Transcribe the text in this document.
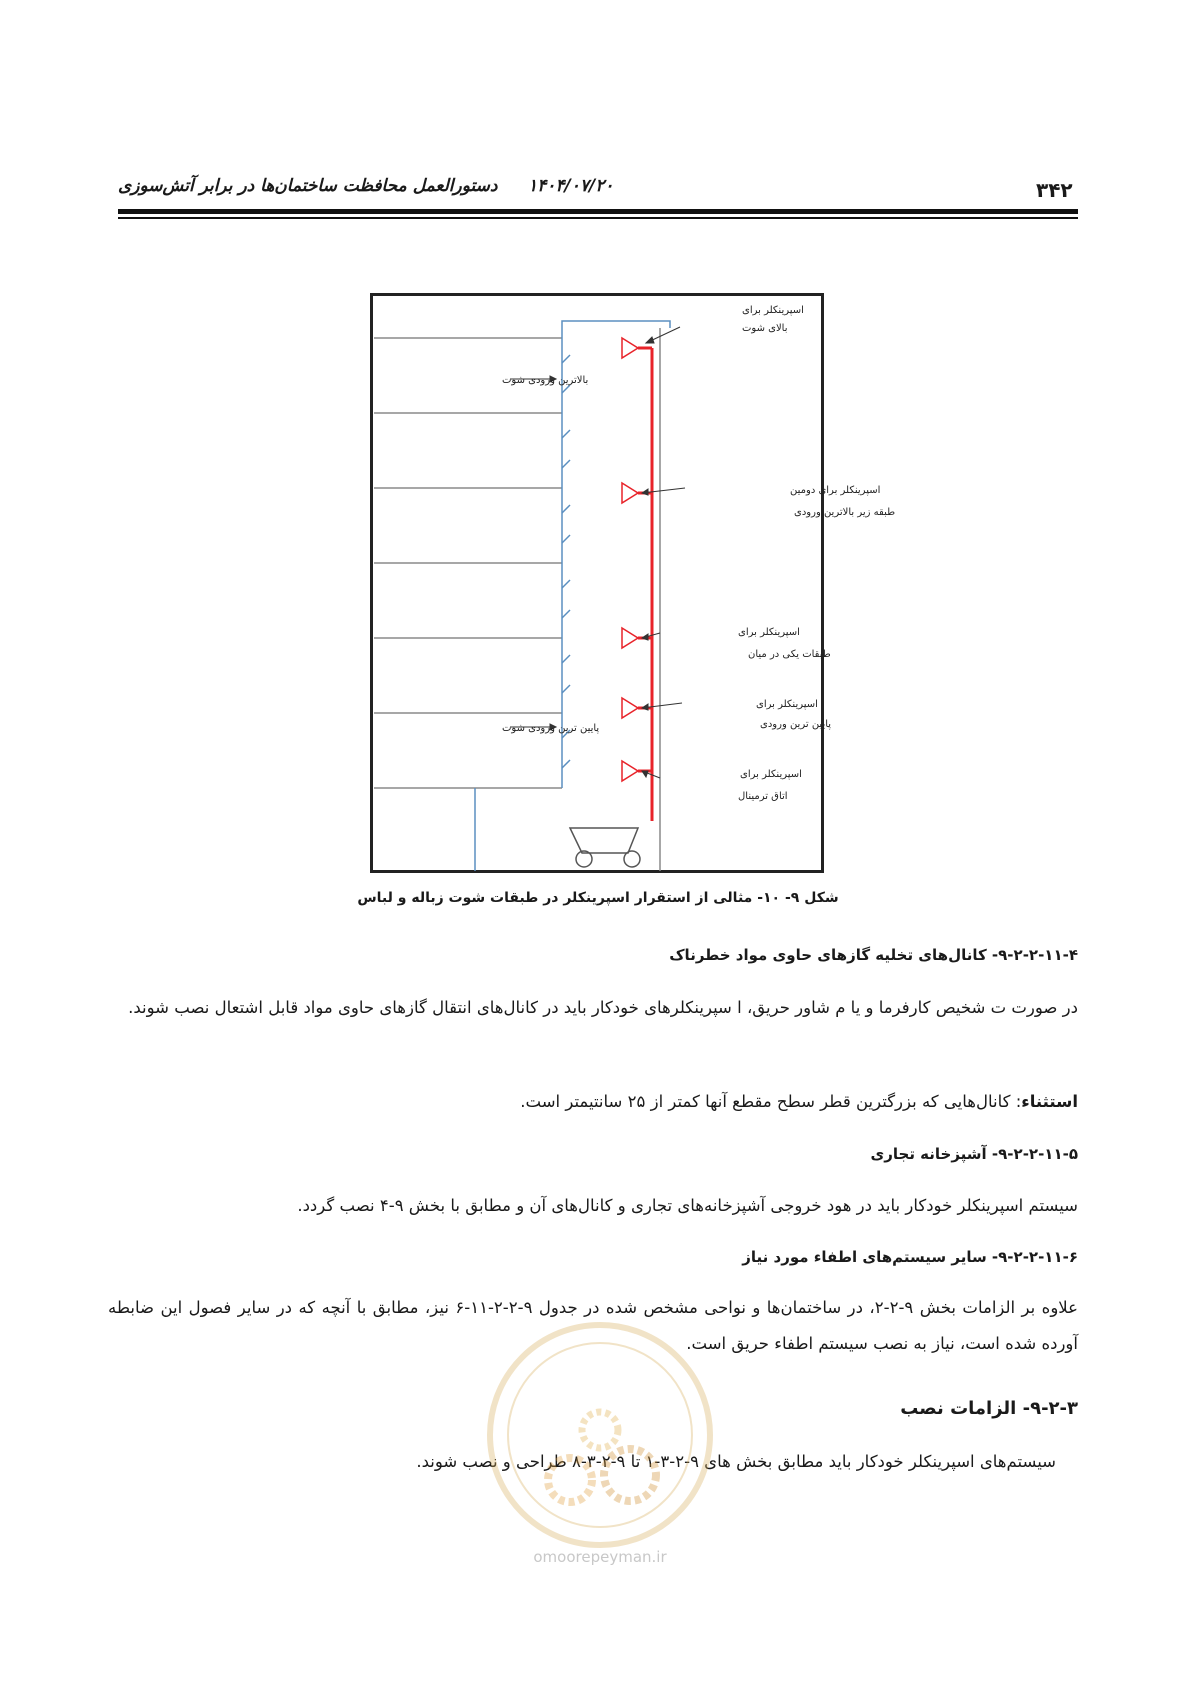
۳۴۲
۱۴۰۴/۰۷/۲۰
دستورالعمل محافظت ساختمان‌ها در برابر آتش‌سوزی
اسپرینکلر برای
بالای شوت
بالاترین ورودی شوت
اسپرینکلر برای دومین
طبقه زیر بالاترین ورودی
اسپرینکلر برای
طبقات یکی در میان
اسپرینکلر برای
پایین ترین ورودی
پایین ترین ورودی شوت
اسپرینکلر برای
اتاق ترمینال
شکل ۹- ۱۰- مثالی از استقرار اسپرینکلر در طبقات شوت زباله و لباس
۹-۲-۲-۱۱-۴- کانال‌های تخلیه گازهای حاوی مواد خطرناک
در صورت ت شخیص کارفرما و یا م شاور حریق، ا سپرینکلرهای خودکار باید در کانال‌های انتقال گازهای حاوی مواد قابل اشتعال نصب شوند.
استثناء: کانال‌هایی که بزرگترین قطر سطح مقطع آنها کمتر از ۲۵ سانتیمتر است.
۹-۲-۲-۱۱-۵- آشپزخانه تجاری
سیستم اسپرینکلر خودکار باید در هود خروجی آشپزخانه‌های تجاری و کانال‌های آن و مطابق با بخش ۹-۴ نصب گردد.
۹-۲-۲-۱۱-۶- سایر سیستم‌های اطفاء مورد نیاز
علاوه بر الزامات بخش ۹-۲-۲، در ساختمان‌ها و نواحی مشخص شده در جدول ۹-۲-۲-۱۱-۶ نیز، مطابق با آنچه که در سایر فصول این ضابطه آورده شده است، نیاز به نصب سیستم اطفاء حریق است.
۹-۲-۳- الزامات نصب
سیستم‌های اسپرینکلر خودکار باید مطابق بخش های ۹-۲-۳-۱ تا ۹-۲-۳-۸ طراحی و نصب شوند.
omoorepeyman.ir
